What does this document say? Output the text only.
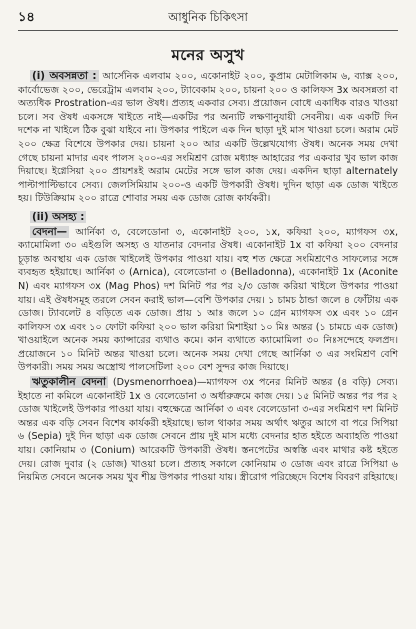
১৪	আধুনিক চিকিৎসা
মনের অসুখ

(i) অবসন্নতা : আর্সেনিক এলবাম ২০০, একোনাইট ২০০, কুপ্রাম মেটালিকাম ৬, ব্যাক্স ২০০, কার্বোভেজ ২০০, ভেরেট্রাম এলবাম ২০০, ট্যাবেকাম ২০০, চায়না ২০০ ও কালিফস 3x অবসন্নতা বা অত্যধিক Prostration-এর ভাল ঔষধ। প্রত্যহ একবার সেব্য। প্রয়োজন বোধে একাধিক বারও খাওয়া চলে। সব ঔষধ একসঙ্গে খাইতে নাই—একটির পর অন্যটি লক্ষণানুযায়ী সেবনীয়। এক একটি দিন দশেক না খাইলে ঠিক বুঝা যাইবে না। উপকার পাইলে এক দিন ছাড়া দুই মাস খাওয়া চলে। অরাম মেট ২০০ ক্ষেত্র বিশেষে উপকার দেয়। চায়না ২০০ আর একটি উল্লেখযোগ্য ঔষধ। অনেক সময় দেখা গেছে চায়না মাদার এবং পালস ২০০-এর সংমিশ্রণ রোজ মধ্যাহ্ন আহারের পর একবার খুব ভাল কাজ দিয়াছে। ইগ্নেসিয়া ২০০ প্রায়শঃই অরাম মেটের সঙ্গে ভাল কাজ দেয়। একদিন ছাড়া alternately পাল্টাপাল্টিভাবে সেব্য। জেলসিমিয়াম ২০০-ও একটি উপকারী ঔষধ। দুদিন ছাড়া এক ডোজ খাইতে হয়। টিউক্রিয়াম ২০০ রাত্রে শোবার সময় এক ডোজ রোজ কার্যকরী।

(ii) অসহ্য :

বেদনা— আর্নিকা ৩, বেলেডোনা ৩, একোনাইট ২০০, ১x, কফিয়া ২০০, ম্যাগফস ৩x, ক্যামোমিলা ৩০ এইগুলি অসহ্য ও যাতনার বেদনার ঔষধ। একোনাইট 1x বা কফিয়া ২০০ বেদনার চূড়ান্ত অবস্থায় এক ডোজ খাইলেই উপকার পাওয়া যায়। বহু শত ক্ষেত্রে সংমিশ্রণেও সাফল্যের সঙ্গে ব্যবহৃত হইয়াছে। আর্নিকা ৩ (Arnica), বেলেডোনা ৩ (Belladonna), একোনাইট 1x (Aconite N) এবং ম্যাগফস ৩x (Mag Phos) দশ মিনিট পর পর ২/৩ ডোজ করিয়া খাইলে উপকার পাওয়া যায়। এই ঔষধসমূহ তরলে সেবন করাই ভাল—বেশি উপকার দেয়। ১ চামচ ঠান্ডা জলে ৪ ফোঁটায় এক ডোজ। ট্যাবলেট ৪ বড়িতে এক ডোজ। প্রায় ১ আঃ জলে ১০ গ্রেন ম্যাগফস ৩x এবং ১০ গ্রেন কালিফস ৩x এবং ১০ ফোটা কফিয়া ২০০ ভাল করিয়া মিশাইয়া ১০ মিঃ অন্তর (১ চামচে এক ডোজ) খাওয়াইলে অনেক সময় ক্যান্সারের ব্যথাও কমে। কান ব্যথাতে ক্যামোমিলা ৩০ নিঃসন্দেহে ফলপ্রদ। প্রয়োজনে ১০ মিনিট অন্তর খাওয়া চলে। অনেক সময় দেখা গেছে আর্নিকা ৩ এর সংমিশ্রণ বেশি উপকারী। সময় সময় অস্ত্রোত্থ পালসেটিলা ২০০ বেশ সুন্দর কাজ দিয়াছে।

ঋতুকালীন বেদনা (Dysmenorrhoea)—ম্যাগফস ৩x পনের মিনিট অন্তর (৪ বড়ি) সেব্য। ইহাতে না কমিলে একোনাইট 1x ও বেলেডোনা ৩ অর্ধারুক্রমে কাজ দেয়। ১৫ মিনিট অন্তর পর পর ২ ডোজ খাইলেই উপকার পাওয়া যায়। বহুক্ষেত্রে আর্নিকা ৩ এবং বেলেডোনা ৩-এর সংমিশ্রণ দশ মিনিট অন্তর এক বড়ি সেবন বিশেষ কার্যকরী হইয়াছে। ভাল থাকার সময় অর্থাৎ ঋতুর আগে বা পরে সিপিয়া ৬ (Sepia) দুই দিন ছাড়া এক ডোজ সেবনে প্রায় দুই মাস মধ্যে বেদনার হাত হইতে অব্যাহতি পাওয়া যায়। কোনিয়াম ৩ (Conium) আরেকটি উপকারী ঔষধ। স্তনপেটের অস্বস্তি এবং মাথার কষ্ট হইতে দেয়। রোজ দুবার (২ ডোজ) খাওয়া চলে। প্রত্যহ সকালে কোনিয়াম ৩ ডোজ এবং রাত্রে সিপিয়া ৬ নিয়মিত সেবনে অনেক সময় খুব শীঘ্র উপকার পাওয়া যায়। স্ত্রীরোগ পরিচ্ছেদে বিশেষ বিবরণ রহিয়াছে।
